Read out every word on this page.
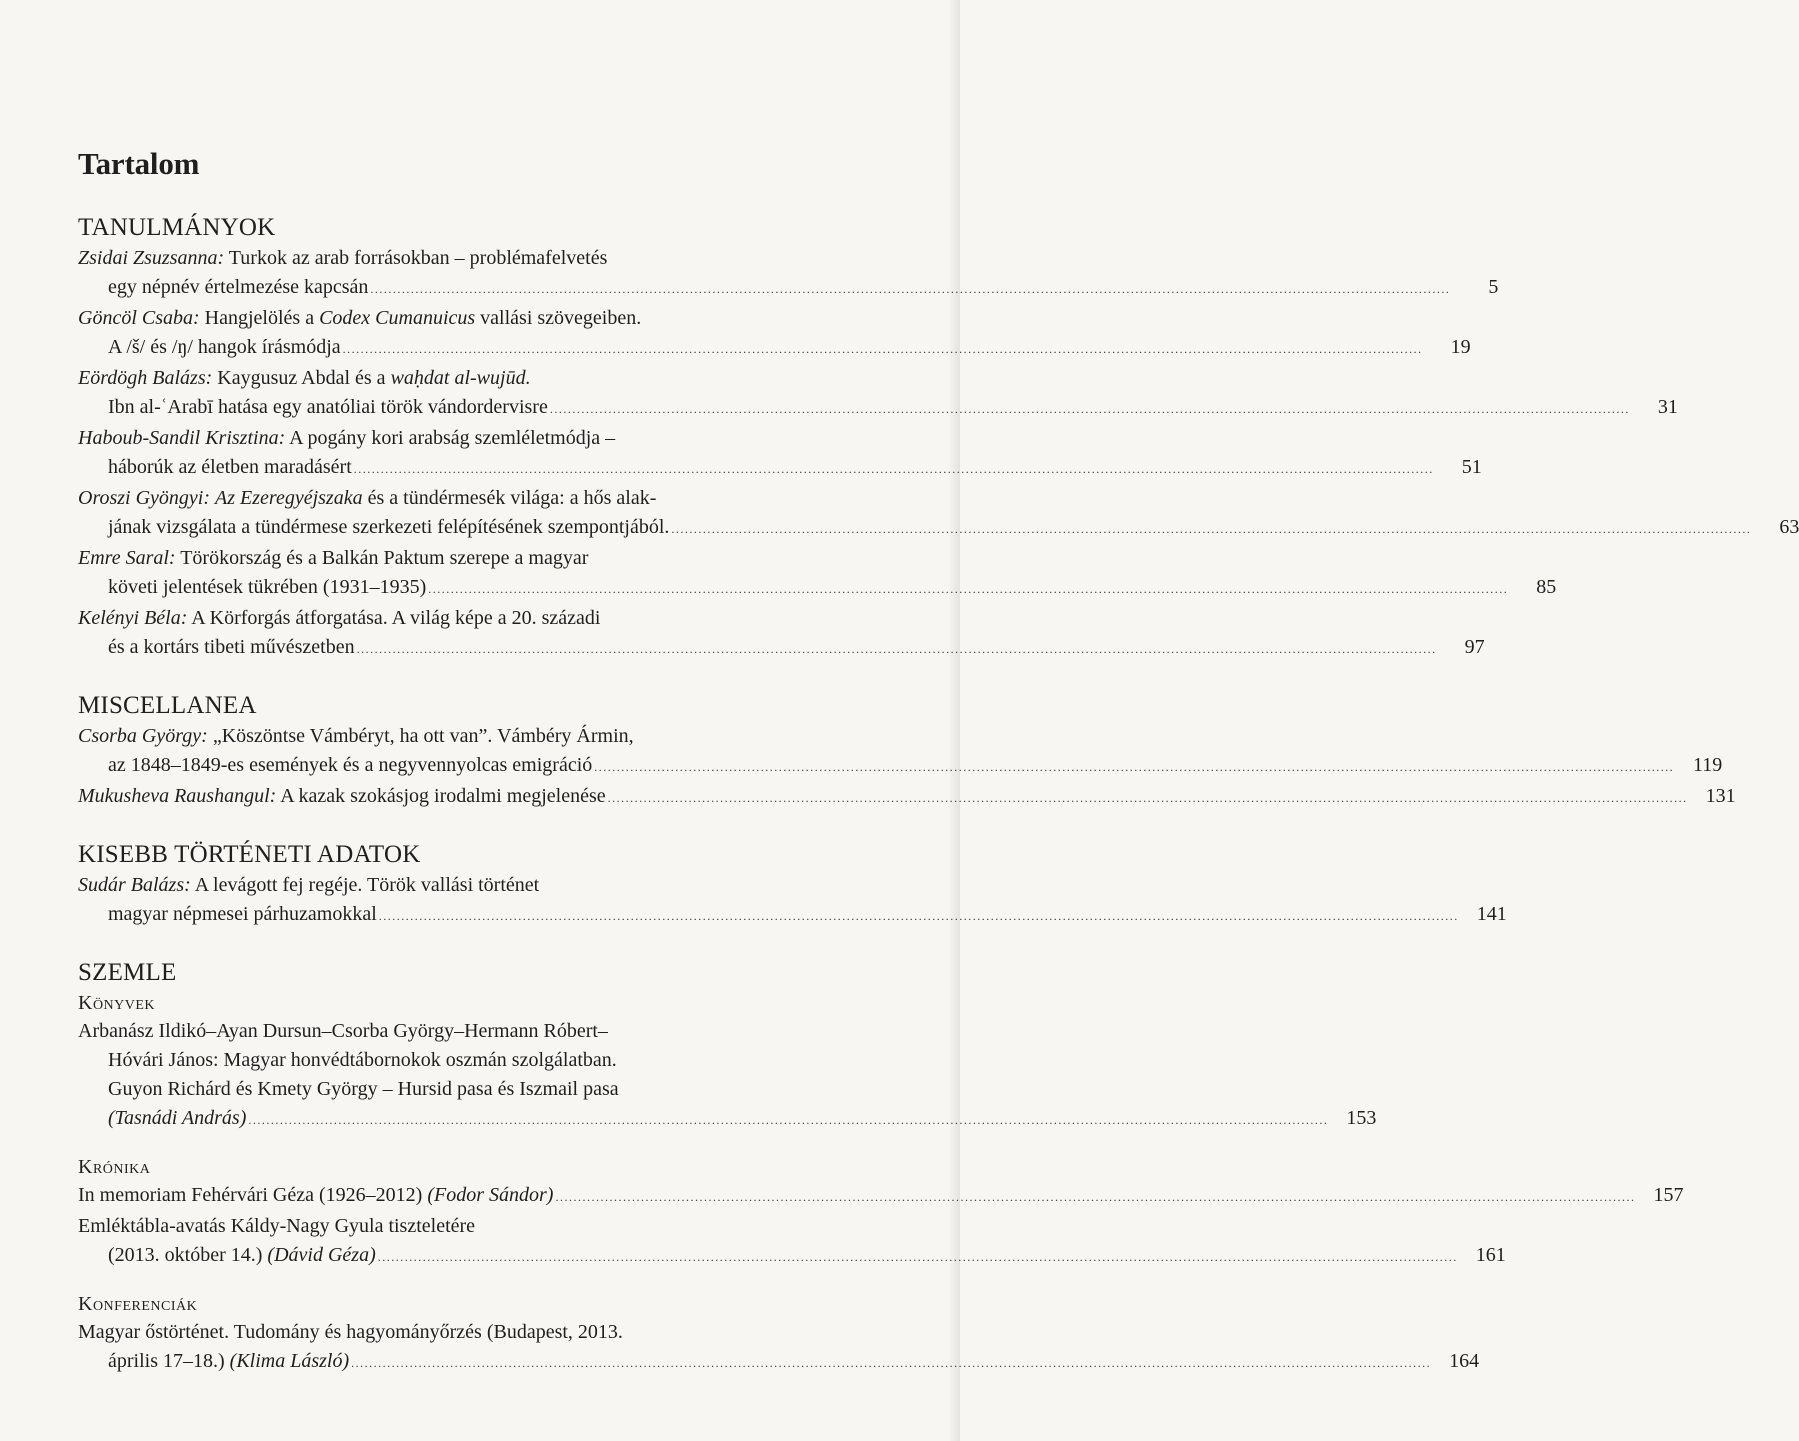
Tartalom
TANULMÁNYOK
Zsidai Zsuzsanna: Turkok az arab forrásokban – problémafelvetés
egy népnév értelmezése kapcsán .....	5
Göncöl Csaba: Hangjelölés a Codex Cumanuicus vallási szövegeiben.
A /š/ és /ŋ/ hangok írásmódja .....	19
Eördögh Balázs: Kaygusuz Abdal és a waḥdat al-wujūd.
Ibn al-ʿArabī hatása egy anatóliai török vándordervisre .....	31
Haboub-Sandil Krisztina: A pogány kori arabság szemléletmódja –
háborúk az életben maradásért .....	51
Oroszi Gyöngyi: Az Ezeregyéjszaka és a tündérmesék világa: a hős alak-
jának vizsgálata a tündérmese szerkezeti felépítésének szempontjából. .....	63
Emre Saral: Törökország és a Balkán Paktum szerepe a magyar
követi jelentések tükrében (1931–1935) .....	85
Kelényi Béla: A Körforgás átforgatása. A világ képe a 20. századi
és a kortárs tibeti művészetben .....	97
MISCELLANEA
Csorba György: „Köszöntse Vámbéryt, ha ott van”. Vámbéry Ármin,
az 1848–1849-es események és a negyvennyolcas emigráció .....	119
Mukusheva Raushangul: A kazak szokásjog irodalmi megjelenése .....	131
KISEBB TÖRTÉNETI ADATOK
Sudár Balázs: A levágott fej regéje. Török vallási történet
magyar népmesei párhuzamokkal .....	141
SZEMLE
Könyvek
Arbanász Ildikó–Ayan Dursun–Csorba György–Hermann Róbert–
Hóvári János: Magyar honvédtábornokok oszmán szolgálatban.
Guyon Richárd és Kmety György – Hursid pasa és Iszmail pasa
(Tasnádi András) .....	153
Krónika
In memoriam Fehérvári Géza (1926–2012) (Fodor Sándor) .....	157
Emléktábla-avatás Káldy-Nagy Gyula tiszteletére
(2013. október 14.) (Dávid Géza) .....	161
Konferenciák
Magyar őstörténet. Tudomány és hagyományőrzés (Budapest, 2013.
április 17–18.) (Klima László) .....	164
